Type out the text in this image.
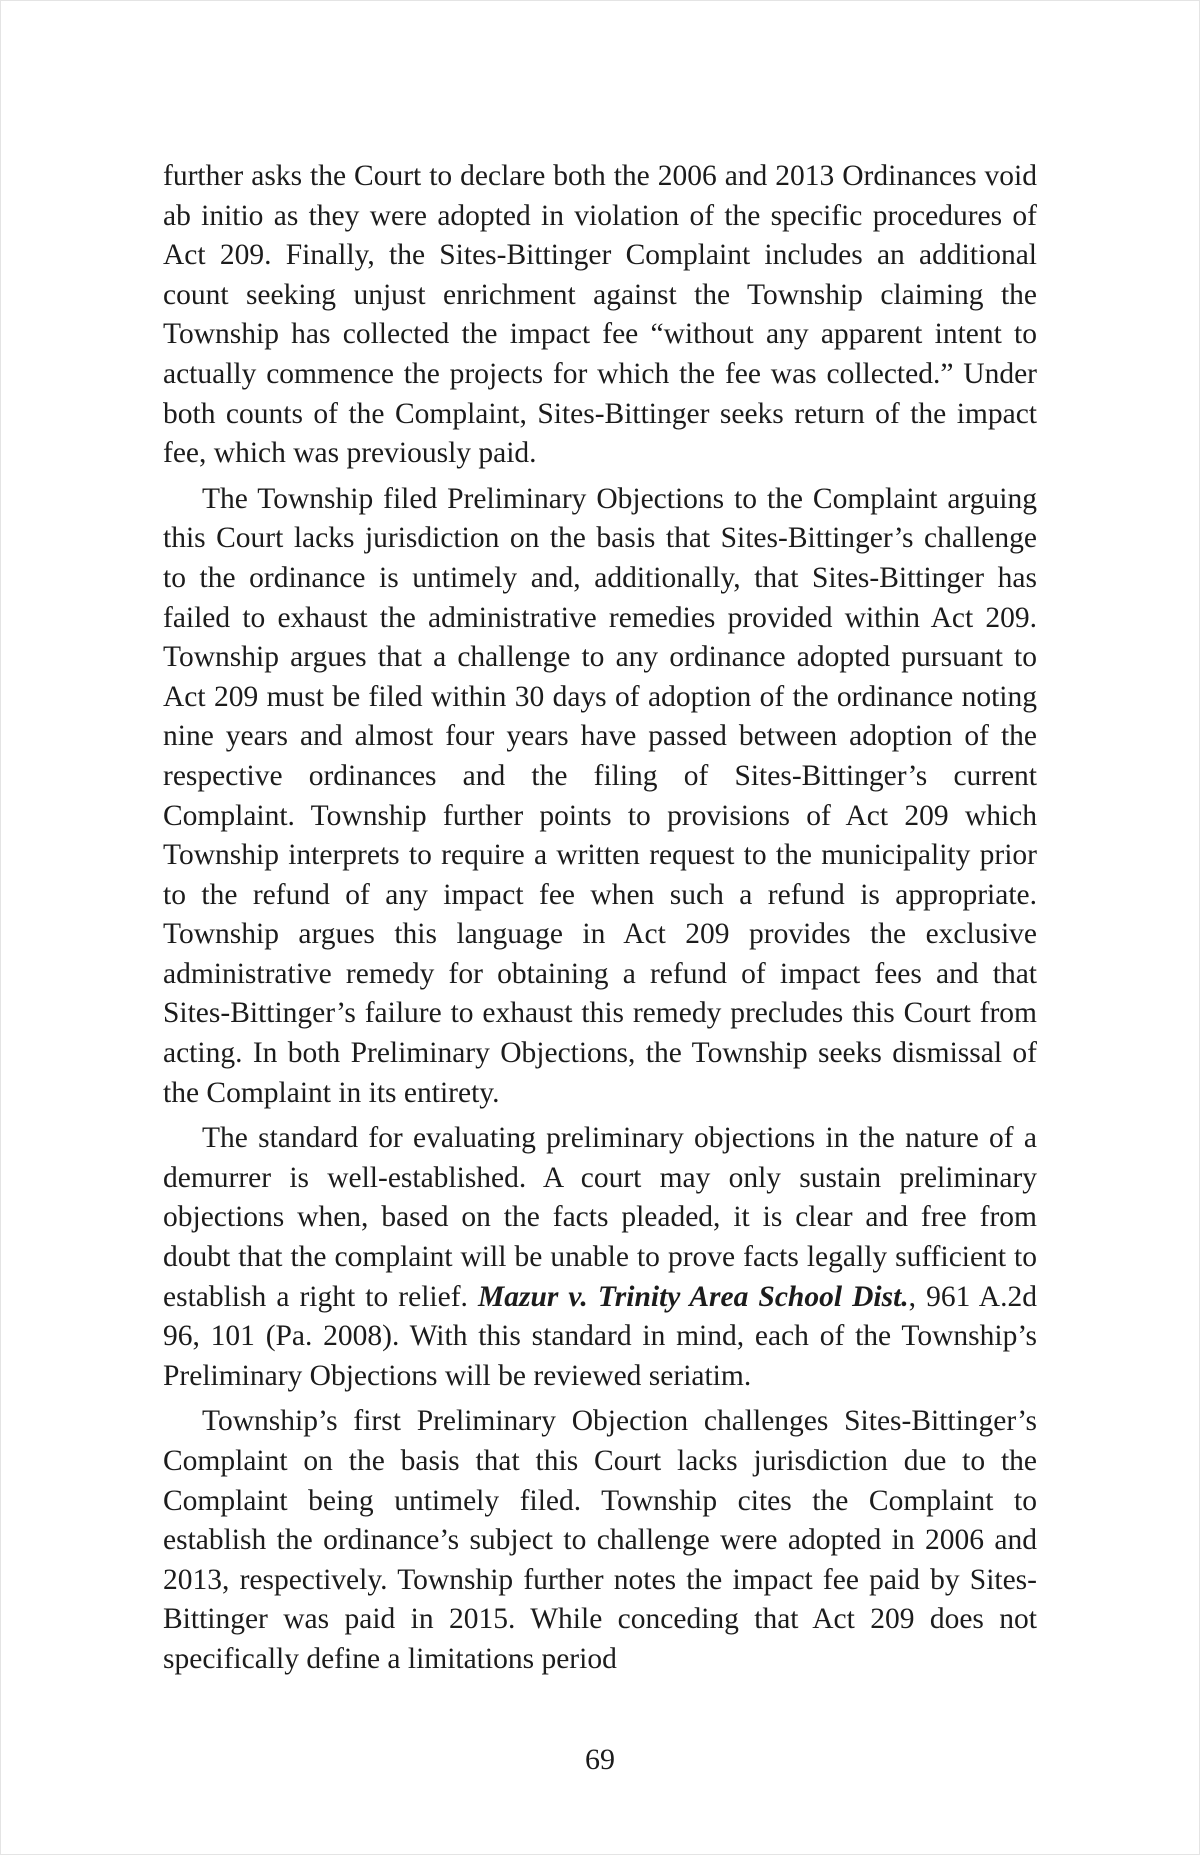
further asks the Court to declare both the 2006 and 2013 Ordinances void ab initio as they were adopted in violation of the specific procedures of Act 209. Finally, the Sites-Bittinger Complaint includes an additional count seeking unjust enrichment against the Township claiming the Township has collected the impact fee “without any apparent intent to actually commence the projects for which the fee was collected.” Under both counts of the Complaint, Sites-Bittinger seeks return of the impact fee, which was previously paid.

The Township filed Preliminary Objections to the Complaint arguing this Court lacks jurisdiction on the basis that Sites-Bittinger’s challenge to the ordinance is untimely and, additionally, that Sites-Bittinger has failed to exhaust the administrative remedies provided within Act 209. Township argues that a challenge to any ordinance adopted pursuant to Act 209 must be filed within 30 days of adoption of the ordinance noting nine years and almost four years have passed between adoption of the respective ordinances and the filing of Sites-Bittinger’s current Complaint. Township further points to provisions of Act 209 which Township interprets to require a written request to the municipality prior to the refund of any impact fee when such a refund is appropriate. Township argues this language in Act 209 provides the exclusive administrative remedy for obtaining a refund of impact fees and that Sites-Bittinger’s failure to exhaust this remedy precludes this Court from acting. In both Preliminary Objections, the Township seeks dismissal of the Complaint in its entirety.

The standard for evaluating preliminary objections in the nature of a demurrer is well-established. A court may only sustain preliminary objections when, based on the facts pleaded, it is clear and free from doubt that the complaint will be unable to prove facts legally sufficient to establish a right to relief. Mazur v. Trinity Area School Dist., 961 A.2d 96, 101 (Pa. 2008). With this standard in mind, each of the Township’s Preliminary Objections will be reviewed seriatim.

Township’s first Preliminary Objection challenges Sites-Bittinger’s Complaint on the basis that this Court lacks jurisdiction due to the Complaint being untimely filed. Township cites the Complaint to establish the ordinance’s subject to challenge were adopted in 2006 and 2013, respectively. Township further notes the impact fee paid by Sites-Bittinger was paid in 2015. While conceding that Act 209 does not specifically define a limitations period

69
